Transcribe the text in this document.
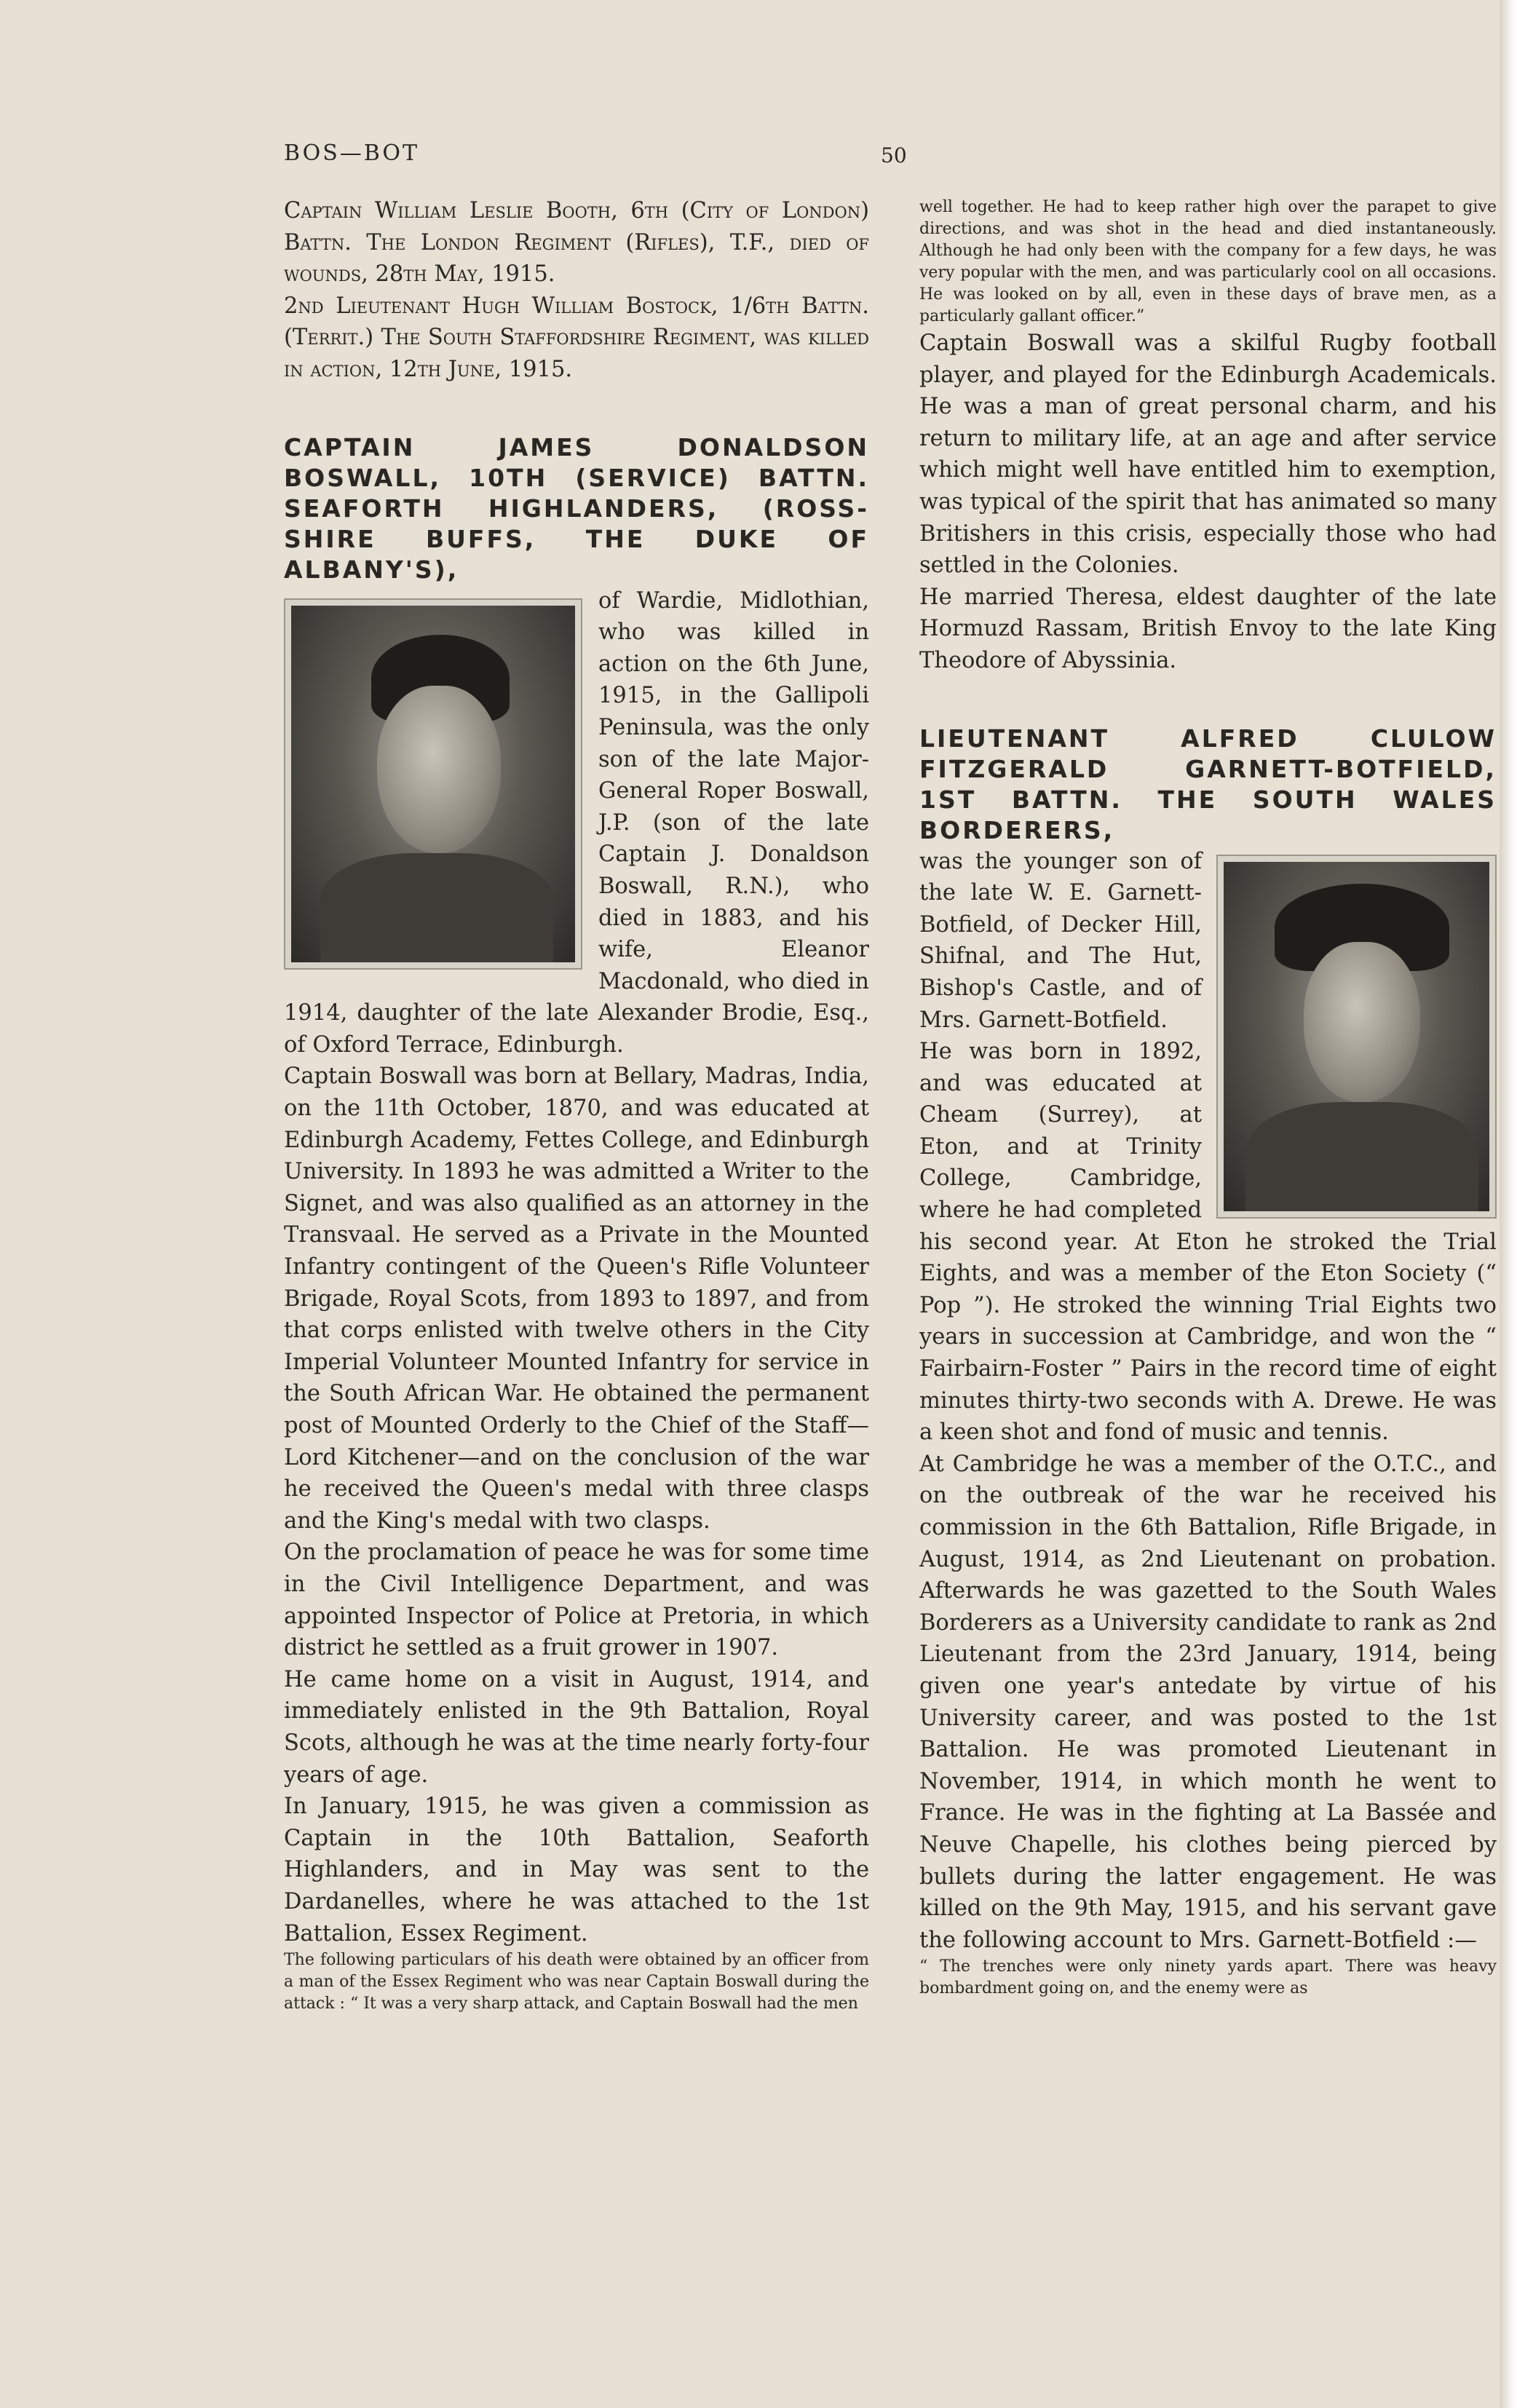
BOS—BOT	50

Captain William Leslie Booth, 6th (City of London) Battn. The London Regiment (Rifles), T.F., died of wounds, 28th May, 1915.

2nd Lieutenant Hugh William Bostock, 1/6th Battn. (Territ.) The South Staffordshire Regiment, was killed in action, 12th June, 1915.

CAPTAIN JAMES DONALDSON BOSWALL, 10TH (SERVICE) BATTN. SEAFORTH HIGHLANDERS, (ROSS-SHIRE BUFFS, THE DUKE OF ALBANY'S),

of Wardie, Midlothian, who was killed in action on the 6th June, 1915, in the Gallipoli Peninsula, was the only son of the late Major-General Roper Boswall, J.P. (son of the late Captain J. Donaldson Boswall, R.N.), who died in 1883, and his wife, Eleanor Macdonald, who died in 1914, daughter of the late Alexander Brodie, Esq., of Oxford Terrace, Edinburgh.

Captain Boswall was born at Bellary, Madras, India, on the 11th October, 1870, and was educated at Edinburgh Academy, Fettes College, and Edinburgh University. In 1893 he was admitted a Writer to the Signet, and was also qualified as an attorney in the Transvaal. He served as a Private in the Mounted Infantry contingent of the Queen's Rifle Volunteer Brigade, Royal Scots, from 1893 to 1897, and from that corps enlisted with twelve others in the City Imperial Volunteer Mounted Infantry for service in the South African War. He obtained the permanent post of Mounted Orderly to the Chief of the Staff—Lord Kitchener—and on the conclusion of the war he received the Queen's medal with three clasps and the King's medal with two clasps.

On the proclamation of peace he was for some time in the Civil Intelligence Department, and was appointed Inspector of Police at Pretoria, in which district he settled as a fruit grower in 1907.

He came home on a visit in August, 1914, and immediately enlisted in the 9th Battalion, Royal Scots, although he was at the time nearly forty-four years of age.

In January, 1915, he was given a commission as Captain in the 10th Battalion, Seaforth Highlanders, and in May was sent to the Dardanelles, where he was attached to the 1st Battalion, Essex Regiment.

The following particulars of his death were obtained by an officer from a man of the Essex Regiment who was near Captain Boswall during the attack : “ It was a very sharp attack, and Captain Boswall had the men

well together. He had to keep rather high over the parapet to give directions, and was shot in the head and died instantaneously. Although he had only been with the company for a few days, he was very popular with the men, and was particularly cool on all occasions. He was looked on by all, even in these days of brave men, as a particularly gallant officer.”

Captain Boswall was a skilful Rugby football player, and played for the Edinburgh Academicals. He was a man of great personal charm, and his return to military life, at an age and after service which might well have entitled him to exemption, was typical of the spirit that has animated so many Britishers in this crisis, especially those who had settled in the Colonies.

He married Theresa, eldest daughter of the late Hormuzd Rassam, British Envoy to the late King Theodore of Abyssinia.

LIEUTENANT ALFRED CLULOW FITZGERALD GARNETT-BOTFIELD, 1ST BATTN. THE SOUTH WALES BORDERERS,

was the younger son of the late W. E. Garnett-Botfield, of Decker Hill, Shifnal, and The Hut, Bishop's Castle, and of Mrs. Garnett-Botfield.

He was born in 1892, and was educated at Cheam (Surrey), at Eton, and at Trinity College, Cambridge, where he had completed his second year. At Eton he stroked the Trial Eights, and was a member of the Eton Society (“ Pop ”). He stroked the winning Trial Eights two years in succession at Cambridge, and won the “ Fairbairn-Foster ” Pairs in the record time of eight minutes thirty-two seconds with A. Drewe. He was a keen shot and fond of music and tennis.

At Cambridge he was a member of the O.T.C., and on the outbreak of the war he received his commission in the 6th Battalion, Rifle Brigade, in August, 1914, as 2nd Lieutenant on probation. Afterwards he was gazetted to the South Wales Borderers as a University candidate to rank as 2nd Lieutenant from the 23rd January, 1914, being given one year's antedate by virtue of his University career, and was posted to the 1st Battalion. He was promoted Lieutenant in November, 1914, in which month he went to France. He was in the fighting at La Bassée and Neuve Chapelle, his clothes being pierced by bullets during the latter engagement. He was killed on the 9th May, 1915, and his servant gave the following account to Mrs. Garnett-Botfield :—

“ The trenches were only ninety yards apart. There was heavy bombardment going on, and the enemy were as
